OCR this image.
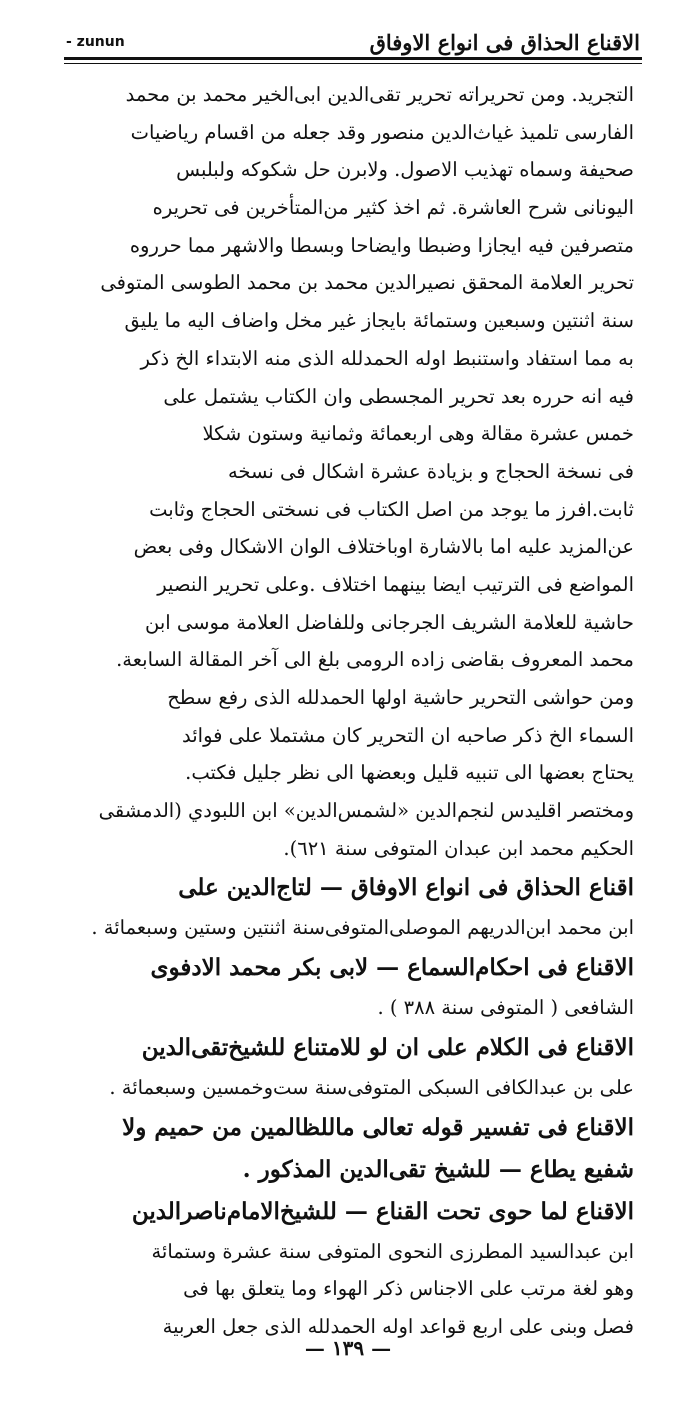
الاقناع الحذاق فى انواع الاوفاق
- zunun
التجريد. ومن تحريراته تحرير تقى‌الدين ابى‌الخير محمد بن محمد
الفارسى تلميذ غياث‌الدين منصور وقد جعله من اقسام رياضيات
صحيفة وسماه تهذيب الاصول. ولابرن حل شكوكه ولبلبس
اليونانى شرح العاشرة. ثم اخذ كثير من‌المتأخرين فى تحريره
متصرفين فيه ايجازا وضبطا وايضاحا وبسطا والاشهر مما حرروه
تحرير العلامة المحقق نصيرالدين محمد بن محمد الطوسى المتوفى
سنة اثنتين وسبعين وستمائة بايجاز غير مخل واضاف اليه ما يليق
به مما استفاد واستنبط اوله الحمدلله الذى منه الابتداء الخ ذكر
فيه انه حرره بعد تحرير المجسطى وان الكتاب يشتمل على
خمس عشرة مقالة وهى اربعمائة وثمانية وستون شكلا
فى نسخة الحجاج و بزيادة عشرة اشكال فى نسخه
ثابت.افرز ما يوجد من اصل الكتاب فى نسختى الحجاج وثابت
عن‌المزيد عليه اما بالاشارة اوباختلاف الوان الاشكال وفى بعض
المواضع فى الترتيب ايضا بينهما اختلاف .وعلى تحرير النصير
حاشية للعلامة الشريف الجرجانى وللفاضل العلامة موسى ابن
محمد المعروف بقاضى زاده الرومى بلغ الى آخر المقالة السابعة.
ومن حواشى التحرير حاشية اولها الحمدلله الذى رفع سطح
السماء الخ ذكر صاحبه ان التحرير كان مشتملا على فوائد
يحتاج بعضها الى تنبيه قليل وبعضها الى نظر جليل فكتب.
ومختصر اقليدس لنجم‌الدين «لشمس‌الدين» ابن اللبودي (الدمشقى
الحكيم محمد ابن عبدان المتوفى سنة ٦٢١).
اقناع الحذاق فى انواع الاوفاق — لتاج‌الدين على
ابن محمد ابن‌الدريهم الموصلى‌المتوفى‌سنة اثنتين وستين وسبعمائة .
الاقناع فى احكام‌السماع — لابى بكر محمد الادفوى
الشافعى ( المتوفى سنة ٣٨٨ ) .
الاقناع فى الكلام على ان لو للامتناع للشيخ‌تقى‌الدين
على بن عبدالكافى السبكى المتوفى‌سنة ست‌وخمسين وسبعمائة .
الاقناع فى تفسير قوله تعالى ماللظالمين من حميم ولا
شفيع يطاع — للشيخ تقى‌الدين المذكور .
الاقناع لما حوى تحت القناع — للشيخ‌الامام‌ناصر‌الدين
ابن عبدالسيد المطرزى النحوى المتوفى سنة عشرة وستمائة
وهو لغة مرتب على الاجناس ذكر الهواء وما يتعلق بها فى
فصل وبنى على اربع قواعد اوله الحمدلله الذى جعل العربية
— ١٣٩ —
